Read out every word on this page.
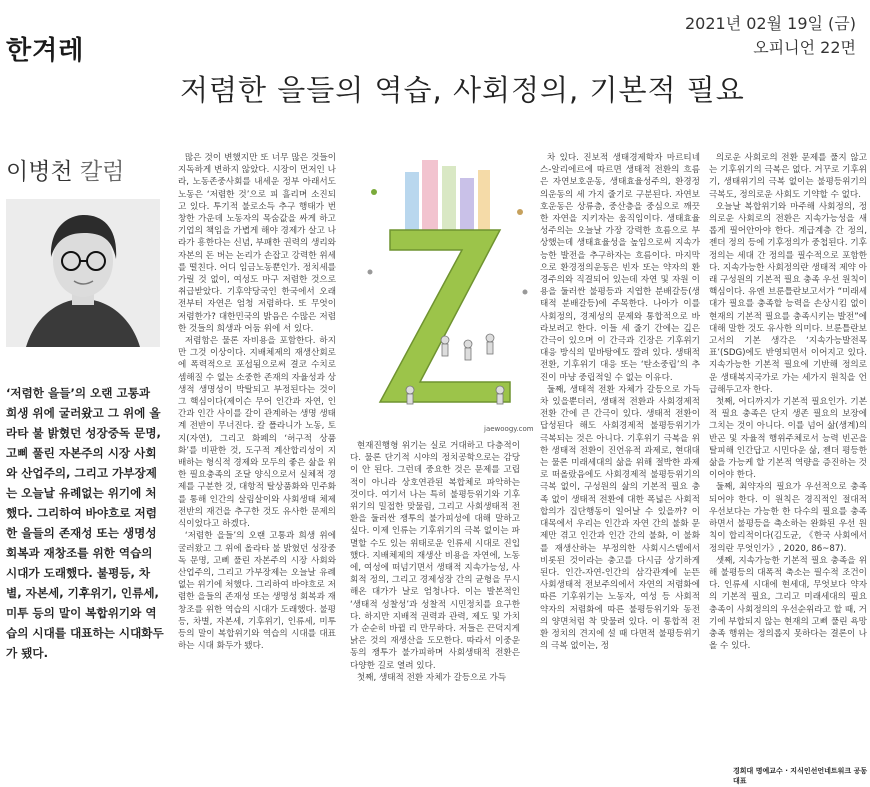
한겨레
2021년 02월 19일 (금)
오피니언 22면
저렴한 을들의 역습, 사회정의, 기본적 필요
이병천 칼럼
‘저렴한 을들’의 오랜 고통과 희생 위에 굴러왔고 그 위에 올라타 불 밝혔던 성장중독 문명, 고삐 풀린 자본주의 시장 사회와 산업주의, 그리고 가부장제는 오늘날 유례없는 위기에 처했다. 그리하여 바야흐로 저렴한 을들의 존재성 또는 생명성 회복과 재창조를 위한 역습의 시대가 도래했다. 불평등, 차별, 자본세, 기후위기, 인류세, 미투 등의 말이 복합위기와 역습의 시대를 대표하는 시대화두가 됐다.

많은 것이 변했지만 또 너무 많은 것들이 지독하게 변하지 않았다. 시장이 먼저인 나라, 노동존중사회를 내세운 정부 아래서도 노동은 ‘저렴한 것’으로 피 흘리며 소진되고 있다. 투기적 불로소득 추구 행태가 번창한 가운데 노동자의 목숨값을 싸게 하고 기업의 책임을 가볍게 해야 경제가 살고 나라가 흥한다는 신념, 부패한 권력의 생리와 자본의 돈 버는 논리가 손잡고 강력한 위세를 떨친다. 어디 임금노동뿐인가. 정치세를 가릴 것 없이, 여성도 마구 저렴한 것으로 취급받았다. 기후약당국인 한국에서 오래전부터 자연은 엄청 저렴하다. 또 무엇이 저렴한가? 대한민국의 밝음은 수많은 저렴한 것들의 희생과 어둠 위에 서 있다.

저렴함은 물론 자비용을 포함한다. 하지만 그것 이상이다. 지배체제의 재생산회로에 폭력적으로 포섭됨으로써 결코 수치로 셈해질 수 없는 소중한 존재의 자율성과 상생적 생명성이 박탈되고 부정된다는 것이 그 핵심이다(제이슨 무어 인간과 자연, 인간과 인간 사이를 갈이 관계하는 생명 생태계 전반이 무너진다. 칼 폴라니가 노동, 토지(자연), 그리고 화폐의 ‘허구적 상품화’를 비판한 것, 도구적 계산합리성이 지배하는 형식적 경제와 모두의 좋은 삶을 위한 필요충족의 조달 양식으로서 실체적 경제를 구분한 것, 대항적 탈상품화와 민주화를 통해 인간의 살림살이와 사회생태 체제 전반의 재건을 추구한 것도 유사한 문제의식이었다고 하겠다.

‘저렴한 을들’의 오랜 고통과 희생 위에 굴러왔고 그 위에 올라타 불 밝혔던 성장중독 문명, 고삐 풀린 자본주의 시장 사회와 산업주의, 그리고 가부장제는 오늘날 유례없는 위기에 처했다. 그리하여 바야흐로 저렴한 을들의 존재성 또는 생명성 회복과 재창조를 위한 역습의 시대가 도래했다. 불평등, 차별, 자본세, 기후위기, 인류세, 미투 등의 말이 복합위기와 역습의 시대를 대표하는 시대 화두가 됐다.

jaewoogy.com

현재진행형 위기는 실로 거대하고 다층적이다. 물론 단기적 시야의 정치공학으로는 감당이 안 된다. 그런데 중요한 것은 문제를 고립적이 아니라 상호연관된 복합체로 파악하는 것이다. 여기서 나는 특히 불평등위기와 기후위기의 밀접한 맞물림, 그리고 사회생태적 전환을 둘러싼 쟁투의 불가피성에 대해 말하고 싶다. 이제 인류는 기후위기의 극복 없이는 파멸할 수도 있는 위태로운 인류세 시대로 진입했다. 지배체제의 재생산 비용을 자연에, 노동에, 여성에 떠넘기면서 생태적 지속가능성, 사회적 정의, 그리고 경제성장 간의 균형을 무시해온 대가가 날로 엄청나다. 이는 발본적인 ‘생태적 성찰성’과 성찰적 시민정치를 요구한다. 하지만 지배적 권력과 관력, 제도 및 가치가 순순히 바뀔 리 만무하다. 저들은 끈덕지게 낡은 것의 재생산을 도모한다. 따라서 이중운동의 쟁투가 불가피하며 사회생태적 전환은 다양한 길로 열려 있다.

첫째, 생태적 전환 자체가 갈등으로 가득

차 있다. 진보적 생태경제학자 마르티네스-알리에르에 따르면 생태적 전환의 흐름은 자연보호운동, 생태효율성주의, 환경정의운동의 세 가지 줄기로 구분된다. 자연보호운동은 상류층, 중산층을 중심으로 깨끗한 자연을 지키자는 움직임이다. 생태효율성주의는 오늘날 가장 강력한 흐름으로 부상했는데 생태효율성을 높임으로써 지속가능한 발전을 추구하자는 흐름이다. 마지막으로 환경정의운동은 빈자 또는 약자의 환경주의와 직결되어 있는데 자연 및 자원 이용을 둘러싼 불평등과 지엽한 분배갈등(생태적 분배갈등)에 주목한다. 나아가 이를 사회정의, 경제성의 문제와 통합적으로 바라보려고 한다. 이들 세 줄기 간에는 깊은 간극이 있으며 이 간극과 긴장은 기후위기 대응 방식의 밑바탕에도 깔려 있다. 생태적 전환, 기후위기 대응 또는 ‘탄소중립’의 추진이 마냥 중립적일 수 없는 이유다.

둘째, 생태적 전환 자체가 갈등으로 가득차 있을뿐더러, 생태적 전환과 사회경제적 전환 간에 큰 간극이 있다. 생태적 전환이 답성된다 해도 사회경제적 불평등위기가 극복되는 것은 아니다. 기후위기 극복을 위한 생태적 전환이 진언유적 과제로, 현대대는 물론 미래세대의 삶을 위해 절박한 과제로 떠올랐음에도 사회경제적 불평등위기의 극복 없이, 구성원의 삶의 기본적 필요 충족 없이 생태적 전환에 대한 폭넓은 사회적 합의가 집단행동이 일어날 수 있을까? 이 대목에서 우리는 인간과 자연 간의 불화 문제만 겪고 인간과 인간 간의 불화, 이 불화를 재생산하는 부정의한 사회시스템에서 비롯된 것이라는 충고를 다시금 상기하게 된다. 인간-자연-인간의 삼각관계에 눈뜬 사회생태적 전보주의에서 자연의 저렴화에 따른 기후위기는 노동자, 여성 등 사회적 약자의 저렴화에 따른 불평등위기와 동전의 양면처럼 착 맞물려 있다. 이 통합적 전환 정치의 견지에 설 때 다면적 불평등위기의 극복 없이는, 정

의로운 사회로의 전환 문제를 풀지 않고는 기후위기의 극복은 없다. 거꾸로 기후위기, 생태위기의 극복 없이는 불평등위기의 극복도, 정의로운 사회도 기약할 수 없다.

오늘날 복합위기와 마주해 사회정의, 정의로운 사회로의 전환은 지속가능성을 새롭게 필어안아야 한다. 계급계층 간 정의, 젠더 정의 등에 기후정의가 중첩된다. 기후정의는 세대 간 정의를 필수적으로 포함한다. 지속가능한 사회정의란 생태적 제약 아래 구성원의 기본적 필요 충족 우선 원칙이 핵심이다. 유엔 브룬틀란보고서가 “미래세대가 필요를 충족할 능력을 손상시킴 없이 현재의 기본적 필요를 충족시키는 발전”에 대해 말한 것도 유사한 의미다. 브룬틀란보고서의 기본 생각은 ‘지속가능발전목표’(SDG)에도 반영되면서 이어지고 있다. 지속가능한 기본적 필요에 기반해 정의로운 생태복지국가로 가는 세가지 원칙을 언급해두고자 한다.

첫째, 어디까지가 기본적 필요인가. 기본적 필요 충족은 단지 생존 필요의 보장에 그치는 것이 아니다. 이를 넘어 삶(생계)의 반곤 및 자율적 행위주체로서 능력 빈곤을 탈피해 인간답고 시민다운 삶, 젠더 평등한 삶을 가능케 할 기본적 역량을 증진하는 것이어야 한다.

둘째, 최약자의 필요가 우선적으로 충족되어야 한다. 이 원칙은 경직적인 절대적 우선보다는 가능한 한 다수의 필요를 충족하면서 불평등을 축소하는 완화된 우선 원칙이 합리적이다(김도균, 《한국 사회에서 정의란 무엇인가》, 2020, 86~87).

셋째, 지속가능한 기본적 필요 충족을 위해 불평등의 대폭적 축소는 필수적 조건이다. 인류세 시대에 현세대, 무엇보다 약자의 기본적 필요, 그리고 미래세대의 필요 충족이 사회정의의 우선순위라고 할 때, 거기에 부합되지 않는 현재의 고삐 풀린 욕망 충족 행위는 정의롭지 못하다는 결론이 나올 수 있다.

경희대 명예교수 · 지식인선언네트워크 공동대표
